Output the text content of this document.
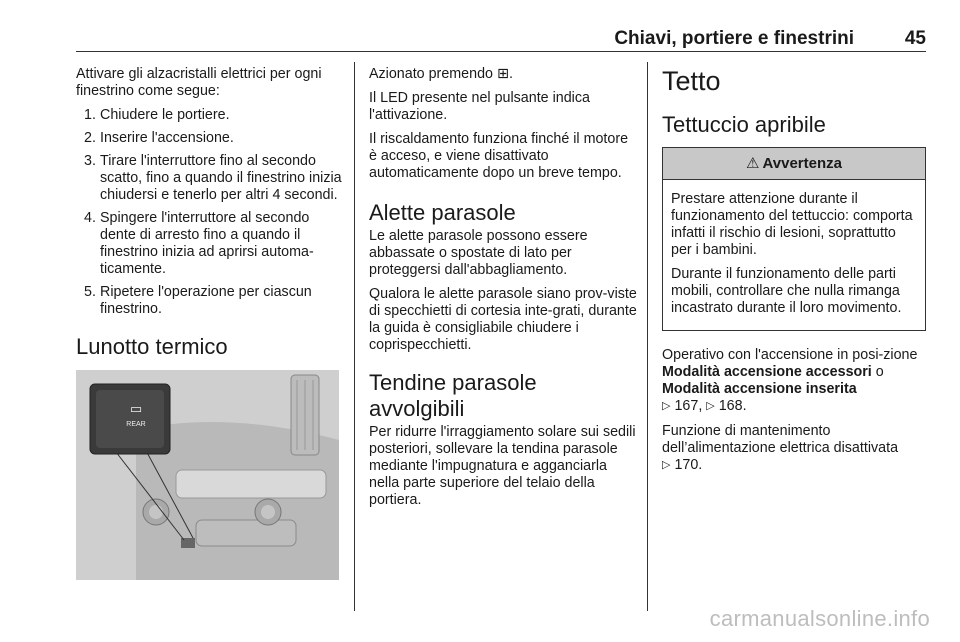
Chiavi, portiere e finestrini	45

Attivare gli alzacristalli elettrici per ogni finestrino come segue:

1. Chiudere le portiere.
2. Inserire l'accensione.
3. Tirare l'interruttore fino al secondo scatto, fino a quando il finestrino inizia chiudersi e tenerlo per altri 4 secondi.
4. Spingere l'interruttore al secondo dente di arresto fino a quando il finestrino inizia ad aprirsi automa-ticamente.
5. Ripetere l'operazione per ciascun finestrino.
Lunotto termico
▭
REAR

Azionato premendo ⊞.

Il LED presente nel pulsante indica l'attivazione.

Il riscaldamento funziona finché il motore è acceso, e viene disattivato automaticamente dopo un breve tempo.

Alette parasole

Le alette parasole possono essere abbassate o spostate di lato per proteggersi dall'abbagliamento.

Qualora le alette parasole siano prov-viste di specchietti di cortesia inte-grati, durante la guida è consigliabile chiudere i coprispecchietti.

Tendine parasole avvolgibili

Per ridurre l'irraggiamento solare sui sedili posteriori, sollevare la tendina parasole mediante l'impugnatura e agganciarla nella parte superiore del telaio della portiera.

Tetto
Tettuccio apribile
⚠ Avvertenza

Prestare attenzione durante il funzionamento del tettuccio: comporta infatti il rischio di lesioni, soprattutto per i bambini.

Durante il funzionamento delle parti mobili, controllare che nulla rimanga incastrato durante il loro movimento.

Operativo con l'accensione in posi-zione Modalità accensione accessori o Modalità accensione inserita
▷ 167, ▷ 168.

Funzione di mantenimento dell’alimentazione elettrica disattivata
▷ 170.

carmanualsonline.info
